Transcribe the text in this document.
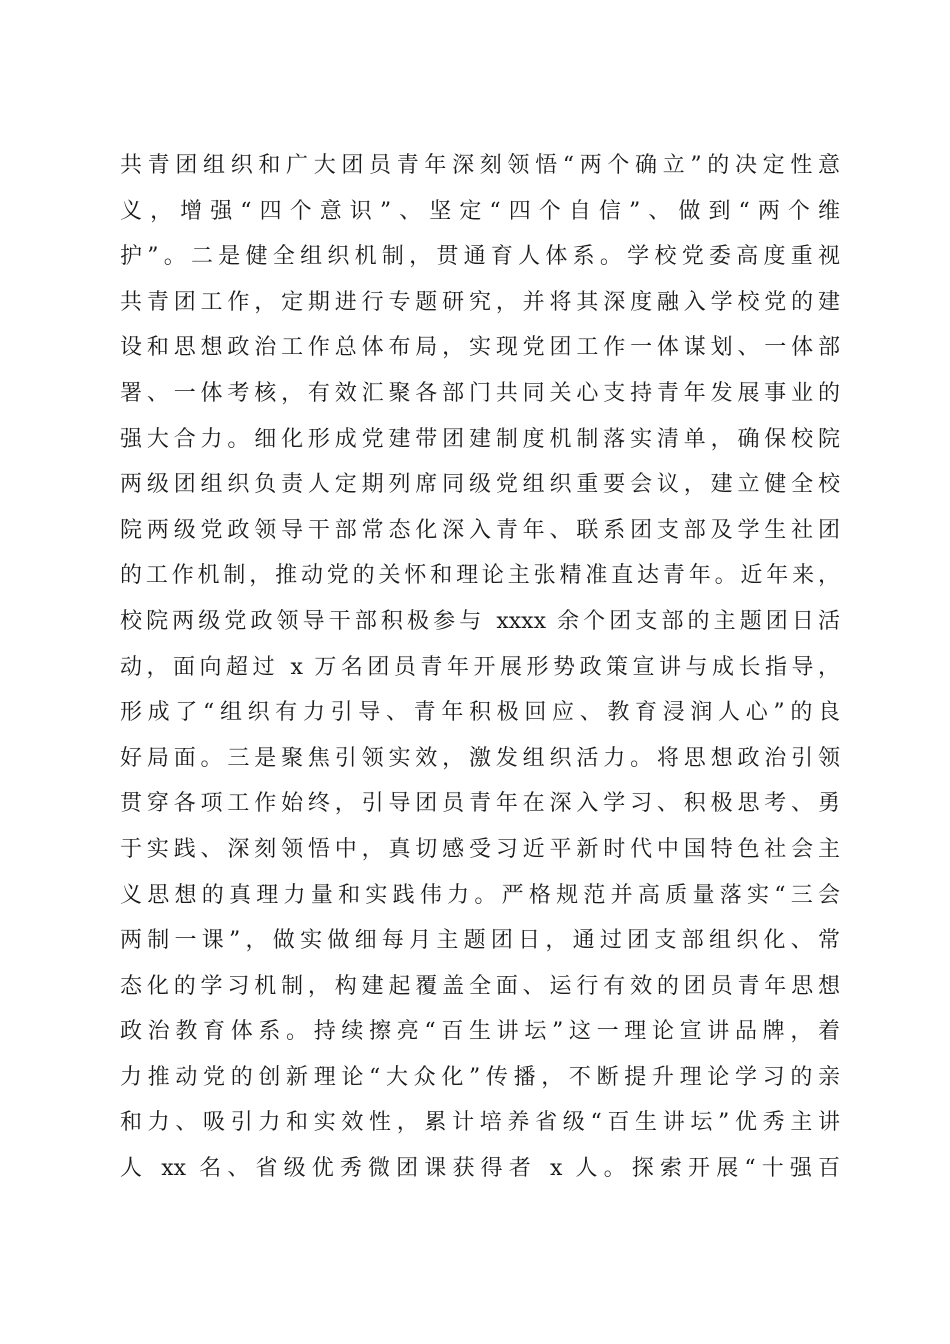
共青团组织和广大团员青年深刻领悟“两个确立”的决定性意
义，增强“四个意识”、坚定“四个自信”、做到“两个维
护”。二是健全组织机制，贯通育人体系。学校党委高度重视
共青团工作，定期进行专题研究，并将其深度融入学校党的建
设和思想政治工作总体布局，实现党团工作一体谋划、一体部
署、一体考核，有效汇聚各部门共同关心支持青年发展事业的
强大合力。细化形成党建带团建制度机制落实清单，确保校院
两级团组织负责人定期列席同级党组织重要会议，建立健全校
院两级党政领导干部常态化深入青年、联系团支部及学生社团
的工作机制，推动党的关怀和理论主张精准直达青年。近年来，
校院两级党政领导干部积极参与 xxxx 余个团支部的主题团日活
动，面向超过 x 万名团员青年开展形势政策宣讲与成长指导，
形成了“组织有力引导、青年积极回应、教育浸润人心”的良
好局面。三是聚焦引领实效，激发组织活力。将思想政治引领
贯穿各项工作始终，引导团员青年在深入学习、积极思考、勇
于实践、深刻领悟中，真切感受习近平新时代中国特色社会主
义思想的真理力量和实践伟力。严格规范并高质量落实“三会
两制一课”，做实做细每月主题团日，通过团支部组织化、常
态化的学习机制，构建起覆盖全面、运行有效的团员青年思想
政治教育体系。持续擦亮“百生讲坛”这一理论宣讲品牌，着
力推动党的创新理论“大众化”传播，不断提升理论学习的亲
和力、吸引力和实效性，累计培养省级“百生讲坛”优秀主讲
人 xx 名、省级优秀微团课获得者 x 人。探索开展“十强百
